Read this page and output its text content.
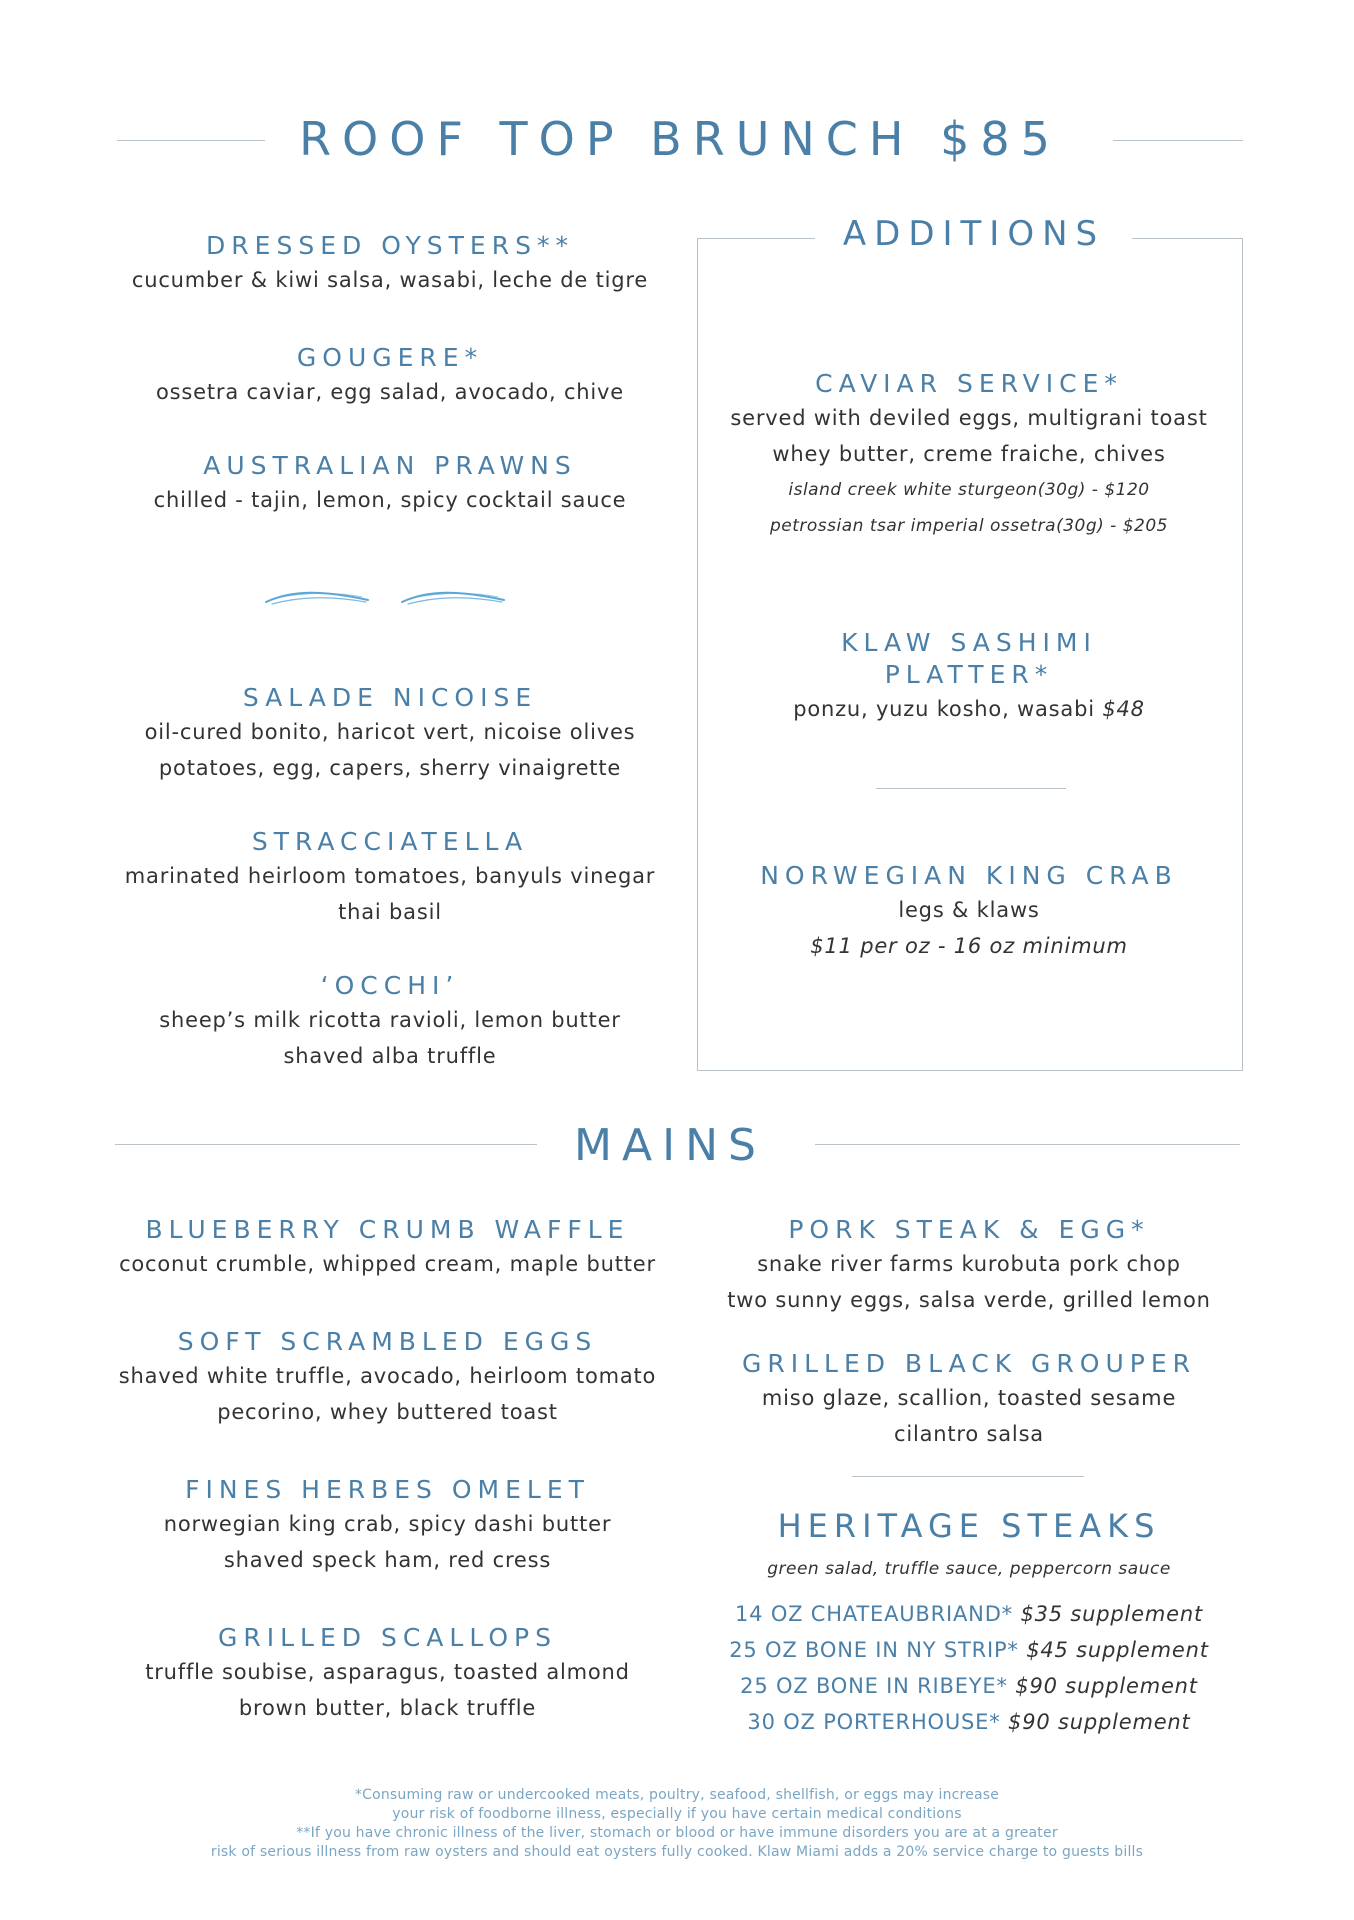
ROOF TOP BRUNCH $85
DRESSED OYSTERS**
cucumber & kiwi salsa, wasabi, leche de tigre
GOUGERE*
ossetra caviar, egg salad, avocado, chive
AUSTRALIAN PRAWNS
chilled - tajin, lemon, spicy cocktail sauce
SALADE NICOISE
oil-cured bonito, haricot vert, nicoise olives
potatoes, egg, capers, sherry vinaigrette
STRACCIATELLA
marinated heirloom tomatoes, banyuls vinegar
thai basil
‘OCCHI’
sheep’s milk ricotta ravioli, lemon butter
shaved alba truffle
ADDITIONS
CAVIAR SERVICE*
served with deviled eggs, multigrani toast
whey butter, creme fraiche, chives
island creek white sturgeon(30g) - $120
petrossian tsar imperial ossetra(30g) - $205
KLAW SASHIMI
PLATTER*
ponzu, yuzu kosho, wasabi $48
NORWEGIAN KING CRAB
legs & klaws
$11 per oz - 16 oz minimum
MAINS
BLUEBERRY CRUMB WAFFLE
coconut crumble, whipped cream, maple butter
SOFT SCRAMBLED EGGS
shaved white truffle, avocado, heirloom tomato
pecorino, whey buttered toast
FINES HERBES OMELET
norwegian king crab, spicy dashi butter
shaved speck ham, red cress
GRILLED SCALLOPS
truffle soubise, asparagus, toasted almond
brown butter, black truffle
PORK STEAK & EGG*
snake river farms kurobuta pork chop
two sunny eggs, salsa verde, grilled lemon
GRILLED BLACK GROUPER
miso glaze, scallion, toasted sesame
cilantro salsa
HERITAGE STEAKS
green salad, truffle sauce, peppercorn sauce
14 OZ CHATEAUBRIAND* $35 supplement
25 OZ BONE IN NY STRIP* $45 supplement
25 OZ BONE IN RIBEYE* $90 supplement
30 OZ PORTERHOUSE* $90 supplement
*Consuming raw or undercooked meats, poultry, seafood, shellfish, or eggs may increase
your risk of foodborne illness, especially if you have certain medical conditions
**If you have chronic illness of the liver, stomach or blood or have immune disorders you are at a greater
risk of serious illness from raw oysters and should eat oysters fully cooked. Klaw Miami adds a 20% service charge to guests bills
